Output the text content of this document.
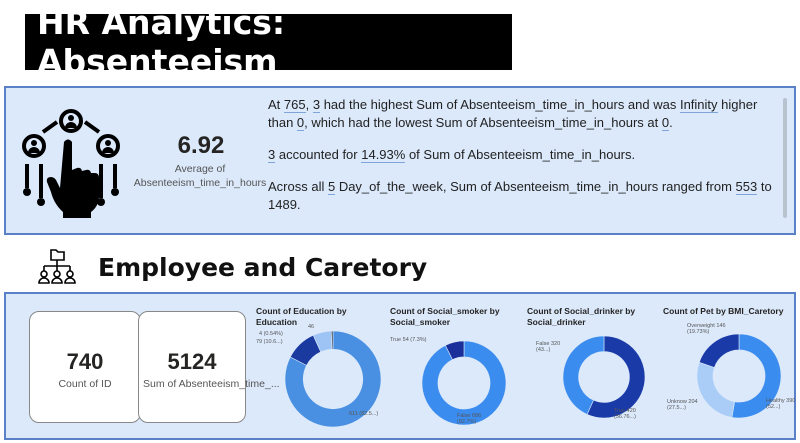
HR Analytics: Absenteeism
6.92
Average of Absenteeism_time_in_hours

At 765, 3 had the highest Sum of Absenteeism_time_in_hours and was Infinity higher than 0, which had the lowest Sum of Absenteeism_time_in_hours at 0.

3 accounted for 14.93% of Sum of Absenteeism_time_in_hours.

Across all 5 Day_of_the_week, Sum of Absenteeism_time_in_hours ranged from 553 to 1489.

Employee and Caretory
740
Count of ID
5124
Sum of Absenteeism_time_...
Count of Education by Education	46
4 (0.54%)
79 (10.6...)
611 (82.5...)
Count of Social_smoker by Social_smoker
True 54 (7.3%)
False 686 (92.7%)
Count of Social_drinker by Social_drinker
False 320 (43...)
True 420 (56.76...)
Count of Pet by BMI_Caretory
Overweight 146 (19.73%)
Unknow 204 (27.5...)
Healthy 390 (52...)
